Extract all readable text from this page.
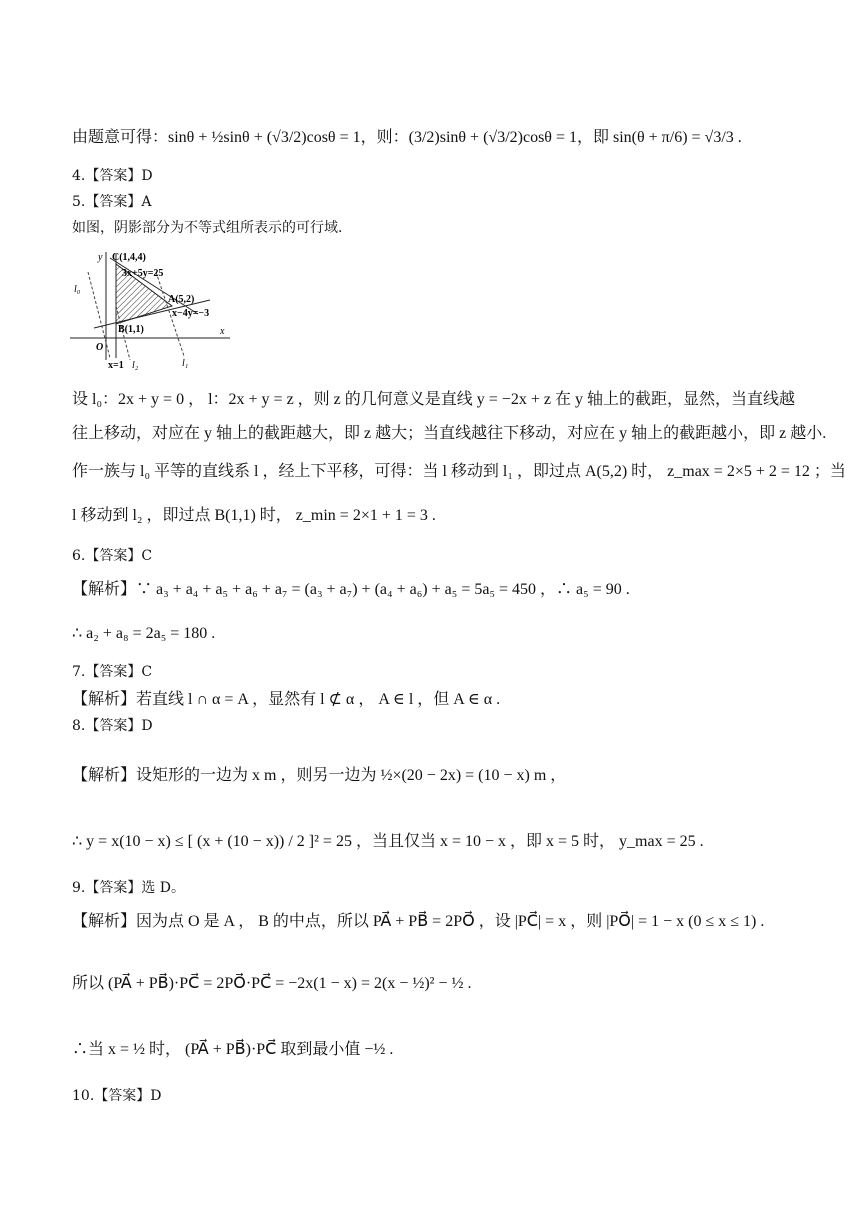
由题意可得：sinθ + ½sinθ + (√3/2)cosθ = 1，则：(3/2)sinθ + (√3/2)cosθ = 1，即 sin(θ + π/6) = √3/3 .
4.【答案】D
5.【答案】A
如图，阴影部分为不等式组所表示的可行域.
y
x
C(1,4,4)
3x+5y=25
A(5,2)
x−4y=−3
B(1,1)
O
x=1
l₀
l₁
l₂
设 l₀：2x + y = 0 ， l：2x + y = z ，则 z 的几何意义是直线 y = −2x + z 在 y 轴上的截距，显然，当直线越
往上移动，对应在 y 轴上的截距越大，即 z 越大；当直线越往下移动，对应在 y 轴上的截距越小，即 z 越小.
作一族与 l₀ 平等的直线系 l ，经上下平移，可得：当 l 移动到 l₁ ，即过点 A(5,2) 时， z_max = 2×5 + 2 = 12 ；当
l 移动到 l₂ ，即过点 B(1,1) 时， z_min = 2×1 + 1 = 3 .
6.【答案】C
【解析】∵ a₃ + a₄ + a₅ + a₆ + a₇ = (a₃ + a₇) + (a₄ + a₆) + a₅ = 5a₅ = 450 ，∴ a₅ = 90 .
∴ a₂ + a₈ = 2a₅ = 180 .
7.【答案】C
【解析】若直线 l ∩ α = A ，显然有 l ⊄ α ， A ∈ l ，但 A ∈ α .
8.【答案】D
【解析】设矩形的一边为 x m ，则另一边为 ½×(20 − 2x) = (10 − x) m ，
∴ y = x(10 − x) ≤ [ (x + (10 − x)) / 2 ]² = 25 ，当且仅当 x = 10 − x ，即 x = 5 时， y_max = 25 .
9.【答案】选 D。
【解析】因为点 O 是 A ， B 的中点，所以 PA⃗ + PB⃗ = 2PO⃗ ，设 |PC⃗| = x ，则 |PO⃗| = 1 − x (0 ≤ x ≤ 1) .
所以 (PA⃗ + PB⃗)·PC⃗ = 2PO⃗·PC⃗ = −2x(1 − x) = 2(x − ½)² − ½ .
∴当 x = ½ 时， (PA⃗ + PB⃗)·PC⃗ 取到最小值 −½ .
10.【答案】D
